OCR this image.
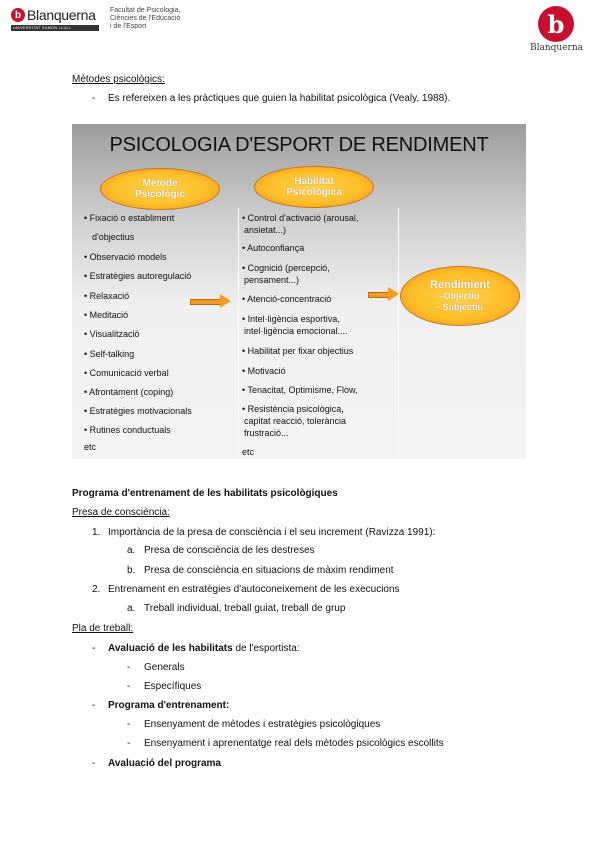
b Blanquerna
UNIVERSITAT RAMON LLULL
Facultat de Psicologia,
Ciències de l'Educació
i de l'Esport	b
Blanquerna
Mètodes psicològics:
- Es refereixen a les pràctiques que guien la habilitat psicològica (Vealy, 1988).
PSICOLOGIA D'ESPORT DE RENDIMENT
Mètode
Psicològic
Habilitat
Psicològica
• Fixació o establiment
d'objectius
• Observació models
• Estratègies autoregulació
• Relaxació
• Meditació
• Visualització
• Self-talking
• Comunicació verbal
• Afrontament (coping)
• Estratègies motivacionals
• Rutines conductuals
etc
• Control d'activació (arousal,
ansietat...)
• Autoconfiança
• Cognició (percepció,
pensament...)
• Atenció-concentració
• Intel·ligència esportiva,
intel·ligència emocional....
• Habilitat per fixar objectius
• Motivació
• Tenacitat, Optimisme, Flow,
• Resistència psicològica,
capitat reacció, tolerància
frustració...
etc
Rendimient
-Objectiu
- Subjectiu
Programa d'entrenament de les habilitats psicològiques
Presa de consciència:
1. Importància de la presa de consciència i el seu increment (Ravizza 1991):
a. Presa de consciència de les destreses
b. Presa de consciència en situacions de màxim rendiment
2. Entrenament en estratègies d'autoconeixement de les execucions
a. Treball individual, treball guiat, treball de grup
Pla de treball:
- Avaluació de les habilitats de l'esportista:
- Generals
- Específiques
- Programa d'entrenament:
- Ensenyament de mètodes i estratègies psicològiques
- Ensenyament i aprenentatge real dels mètodes psicològics escollits
- Avaluació del programa
